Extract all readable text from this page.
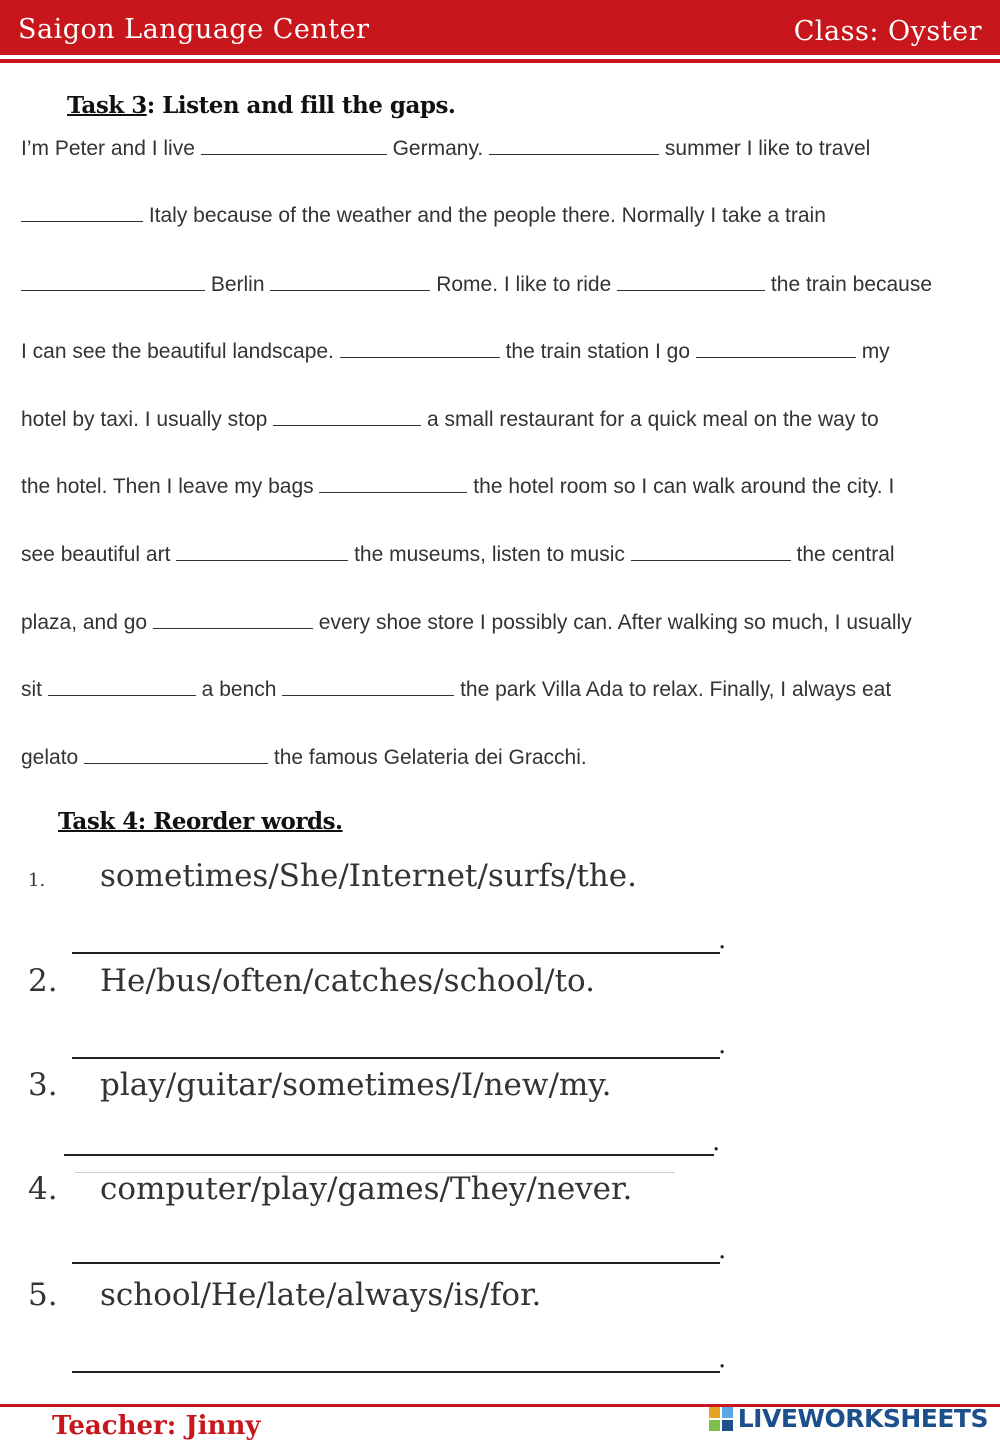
Saigon Language Center	Class: Oyster
Task 3: Listen and fill the gaps.
I’m Peter and I live	Germany.	summer I like to travel
Italy because of the weather and the people there. Normally I take a train
Berlin	Rome. I like to ride	the train because
I can see the beautiful landscape.	the train station I go	my
hotel by taxi. I usually stop	a small restaurant for a quick meal on the way to
the hotel. Then I leave my bags	the hotel room so I can walk around the city. I
see beautiful art	the museums, listen to music	the central
plaza, and go	every shoe store I possibly can. After walking so much, I usually
sit	a bench	the park Villa Ada to relax. Finally, I always eat
gelato	the famous Gelateria dei Gracchi.
Task 4: Reorder words.
1. sometimes/She/Internet/surfs/the.
.
2. He/bus/often/catches/school/to.
.
3. play/guitar/sometimes/I/new/my.
.
4. computer/play/games/They/never.
.
5. school/He/late/always/is/for.
.
Teacher: Jinny	LIVEWORKSHEETS
